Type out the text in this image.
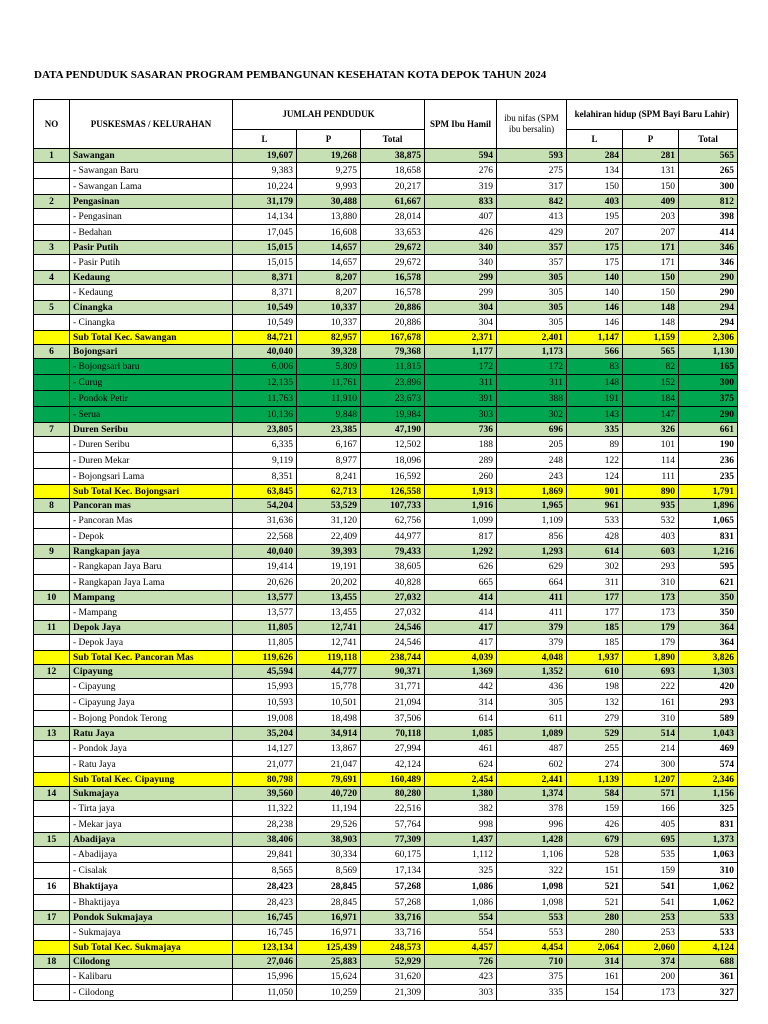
DATA PENDUDUK SASARAN PROGRAM PEMBANGUNAN KESEHATAN KOTA DEPOK TAHUN 2024
NO	PUSKESMAS / KELURAHAN	JUMLAH PENDUDUK			SPM Ibu Hamil	ibu nifas (SPM ibu bersalin)	kelahiran hidup (SPM Bayi Baru Lahir)		
		L	P	Total			L	P	Total
1	Sawangan	19,607	19,268	38,875	594	593	284	281	565
	- Sawangan Baru	9,383	9,275	18,658	276	275	134	131	265
	- Sawangan Lama	10,224	9,993	20,217	319	317	150	150	300
2	Pengasinan	31,179	30,488	61,667	833	842	403	409	812
	- Pengasinan	14,134	13,880	28,014	407	413	195	203	398
	- Bedahan	17,045	16,608	33,653	426	429	207	207	414
3	Pasir Putih	15,015	14,657	29,672	340	357	175	171	346
	- Pasir Putih	15,015	14,657	29,672	340	357	175	171	346
4	Kedaung	8,371	8,207	16,578	299	305	140	150	290
	- Kedaung	8,371	8,207	16,578	299	305	140	150	290
5	Cinangka	10,549	10,337	20,886	304	305	146	148	294
	- Cinangka	10,549	10,337	20,886	304	305	146	148	294
	Sub Total Kec. Sawangan	84,721	82,957	167,678	2,371	2,401	1,147	1,159	2,306
6	Bojongsari	40,040	39,328	79,368	1,177	1,173	566	565	1,130
	- Bojongsari baru	6,006	5,809	11,815	172	172	83	82	165
	- Curug	12,135	11,761	23,896	311	311	148	152	300
	- Pondok Petir	11,763	11,910	23,673	391	388	191	184	375
	- Serua	10,136	9,848	19,984	303	302	143	147	290
7	Duren Seribu	23,805	23,385	47,190	736	696	335	326	661
	- Duren Seribu	6,335	6,167	12,502	188	205	89	101	190
	- Duren Mekar	9,119	8,977	18,096	289	248	122	114	236
	- Bojongsari Lama	8,351	8,241	16,592	260	243	124	111	235
	Sub Total Kec. Bojongsari	63,845	62,713	126,558	1,913	1,869	901	890	1,791
8	Pancoran mas	54,204	53,529	107,733	1,916	1,965	961	935	1,896
	- Pancoran Mas	31,636	31,120	62,756	1,099	1,109	533	532	1,065
	- Depok	22,568	22,409	44,977	817	856	428	403	831
9	Rangkapan jaya	40,040	39,393	79,433	1,292	1,293	614	603	1,216
	- Rangkapan Jaya Baru	19,414	19,191	38,605	626	629	302	293	595
	- Rangkapan Jaya Lama	20,626	20,202	40,828	665	664	311	310	621
10	Mampang	13,577	13,455	27,032	414	411	177	173	350
	- Mampang	13,577	13,455	27,032	414	411	177	173	350
11	Depok Jaya	11,805	12,741	24,546	417	379	185	179	364
	- Depok Jaya	11,805	12,741	24,546	417	379	185	179	364
	Sub Total Kec. Pancoran Mas	119,626	119,118	238,744	4,039	4,048	1,937	1,890	3,826
12	Cipayung	45,594	44,777	90,371	1,369	1,352	610	693	1,303
	- Cipayung	15,993	15,778	31,771	442	436	198	222	420
	- Cipayung Jaya	10,593	10,501	21,094	314	305	132	161	293
	- Bojong Pondok Terong	19,008	18,498	37,506	614	611	279	310	589
13	Ratu Jaya	35,204	34,914	70,118	1,085	1,089	529	514	1,043
	- Pondok Jaya	14,127	13,867	27,994	461	487	255	214	469
	- Ratu Jaya	21,077	21,047	42,124	624	602	274	300	574
	Sub Total Kec. Cipayung	80,798	79,691	160,489	2,454	2,441	1,139	1,207	2,346
14	Sukmajaya	39,560	40,720	80,280	1,380	1,374	584	571	1,156
	- Tirta jaya	11,322	11,194	22,516	382	378	159	166	325
	- Mekar jaya	28,238	29,526	57,764	998	996	426	405	831
15	Abadijaya	38,406	38,903	77,309	1,437	1,428	679	695	1,373
	- Abadijaya	29,841	30,334	60,175	1,112	1,106	528	535	1,063
	- Cisalak	8,565	8,569	17,134	325	322	151	159	310
16	Bhaktijaya	28,423	28,845	57,268	1,086	1,098	521	541	1,062
	- Bhaktijaya	28,423	28,845	57,268	1,086	1,098	521	541	1,062
17	Pondok Sukmajaya	16,745	16,971	33,716	554	553	280	253	533
	- Sukmajaya	16,745	16,971	33,716	554	553	280	253	533
	Sub Total Kec. Sukmajaya	123,134	125,439	248,573	4,457	4,454	2,064	2,060	4,124
18	Cilodong	27,046	25,883	52,929	726	710	314	374	688
	- Kalibaru	15,996	15,624	31,620	423	375	161	200	361
	- Cilodong	11,050	10,259	21,309	303	335	154	173	327
